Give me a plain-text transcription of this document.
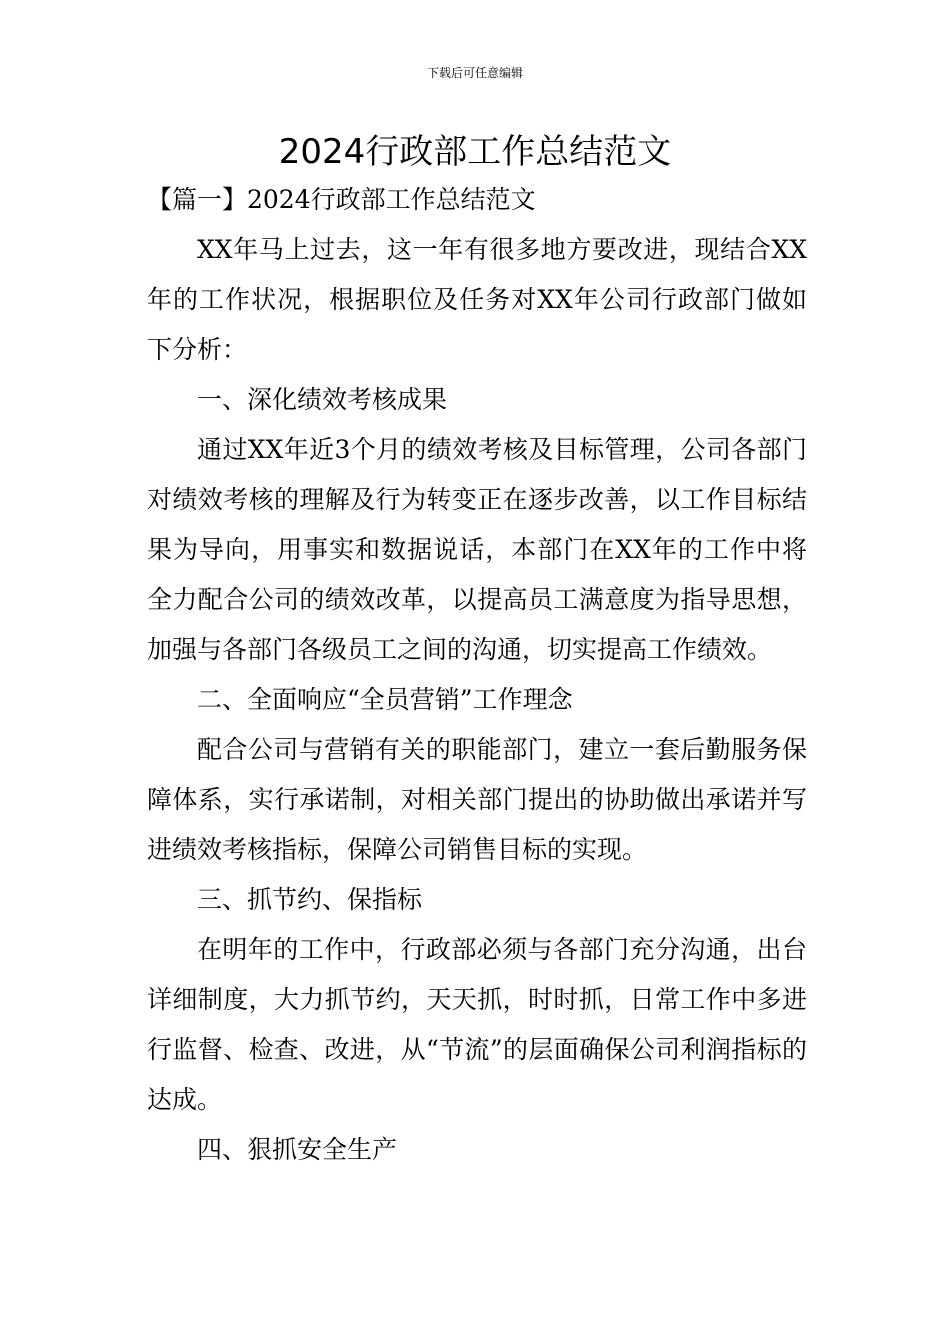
下载后可任意编辑
2024行政部工作总结范文

【篇一】2024行政部工作总结范文

XX年马上过去，这一年有很多地方要改进，现结合XX年的工作状况，根据职位及任务对XX年公司行政部门做如下分析：

一、深化绩效考核成果

通过XX年近3个月的绩效考核及目标管理，公司各部门对绩效考核的理解及行为转变正在逐步改善，以工作目标结果为导向，用事实和数据说话，本部门在XX年的工作中将全力配合公司的绩效改革，以提高员工满意度为指导思想，加强与各部门各级员工之间的沟通，切实提高工作绩效。

二、全面响应“全员营销”工作理念

配合公司与营销有关的职能部门，建立一套后勤服务保障体系，实行承诺制，对相关部门提出的协助做出承诺并写进绩效考核指标，保障公司销售目标的实现。

三、抓节约、保指标

在明年的工作中，行政部必须与各部门充分沟通，出台详细制度，大力抓节约，天天抓，时时抓，日常工作中多进行监督、检查、改进，从“节流”的层面确保公司利润指标的达成。

四、狠抓安全生产
